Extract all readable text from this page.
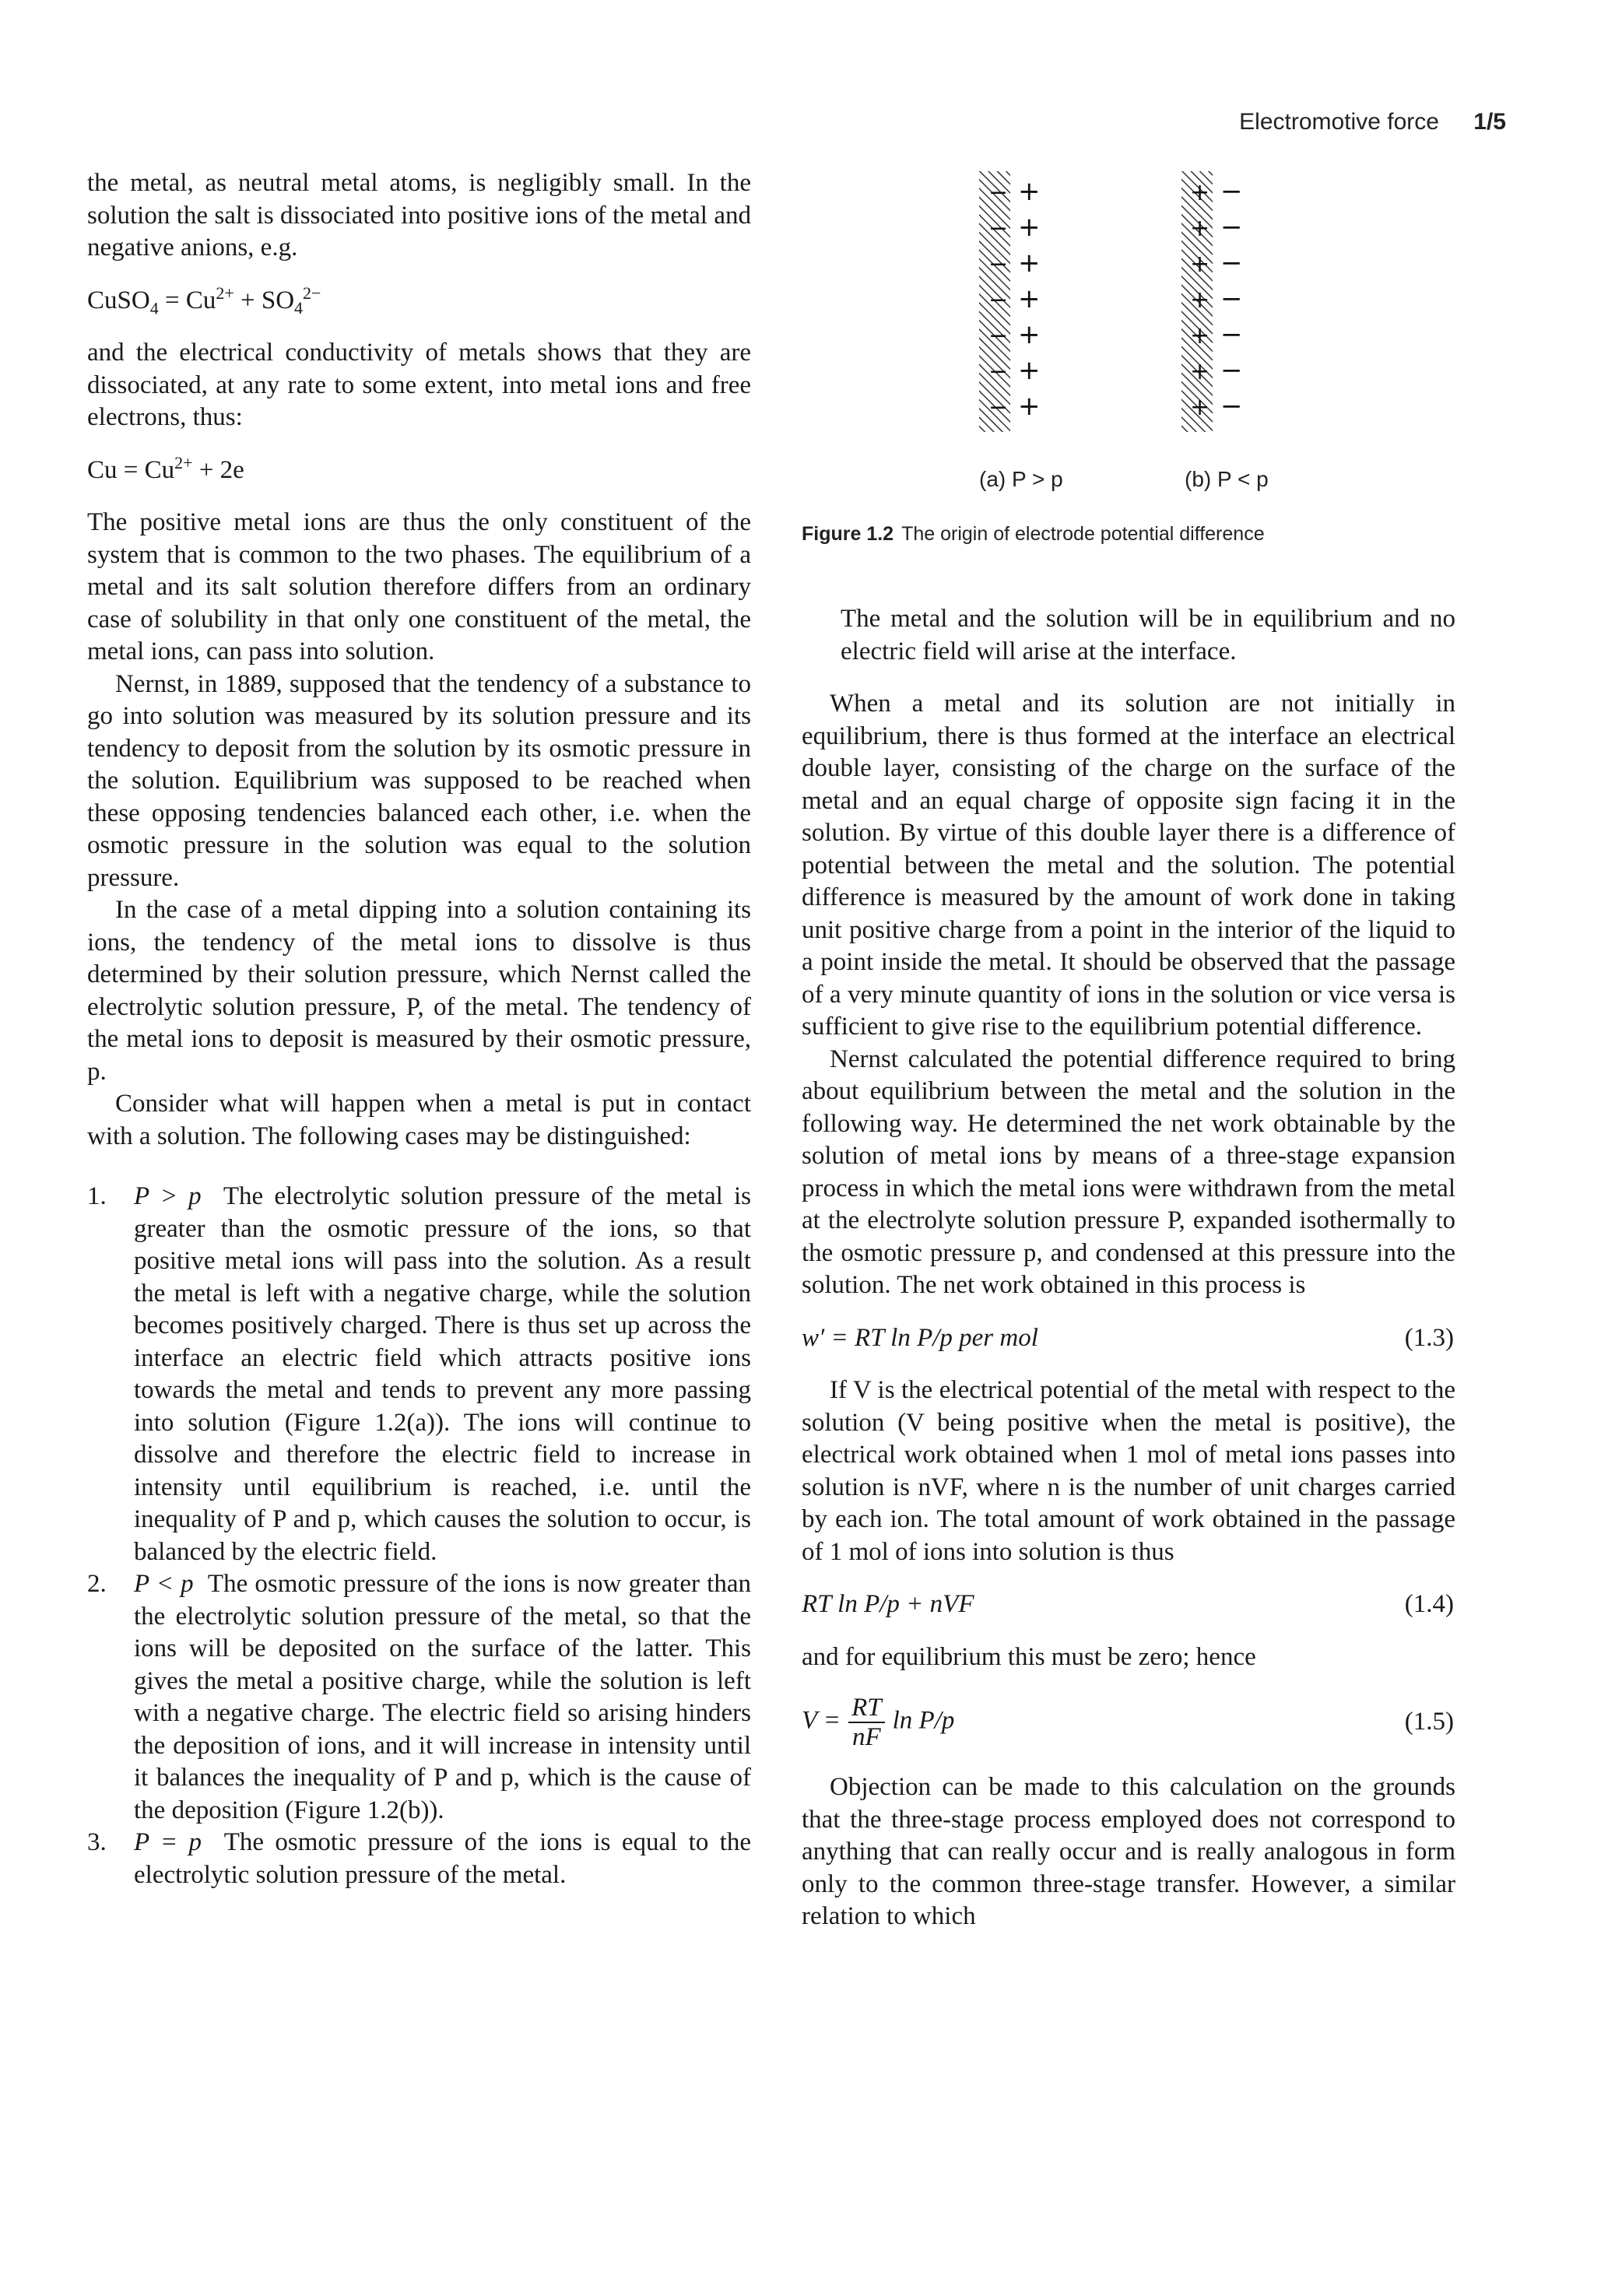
Electromotive force 1/5

the metal, as neutral metal atoms, is negligibly small. In the solution the salt is dissociated into positive ions of the metal and negative anions, e.g.

CuSO$_4$ = $Cu^{2+} + SO_4^{2-}$

and the electrical conductivity of metals shows that they are dissociated, at any rate to some extent, into metal ions and free electrons, thus:

$Cu = Cu^{2+} + 2e$

The positive metal ions are thus the only constituent of the system that is common to the two phases. The equilibrium of a metal and its salt solution therefore differs from an ordinary case of solubility in that only one constituent of the metal, the metal ions, can pass into solution.

Nernst, in 1889, supposed that the tendency of a substance to go into solution was measured by its solution pressure and its tendency to deposit from the solution by its osmotic pressure in the solution. Equilibrium was supposed to be reached when these opposing tendencies balanced each other, i.e. when the osmotic pressure in the solution was equal to the solution pressure.

In the case of a metal dipping into a solution containing its ions, the tendency of the metal ions to dissolve is thus determined by their solution pressure, which Nernst called the electrolytic solution pressure, P, of the metal. The tendency of the metal ions to deposit is measured by their osmotic pressure, p.

Consider what will happen when a metal is put in contact with a solution. The following cases may be distinguished:

1. P > p The electrolytic solution pressure of the metal is greater than the osmotic pressure of the ions, so that positive metal ions will pass into the solution. As a result the metal is left with a negative charge, while the solution becomes positively charged. There is thus set up across the interface an electric field which attracts positive ions towards the metal and tends to prevent any more passing into solution (Figure 1.2(a)). The ions will continue to dissolve and therefore the electric field to increase in intensity until equilibrium is reached, i.e. until the inequality of P and p, which causes the solution to occur, is balanced by the electric field.
2. P < p The osmotic pressure of the ions is now greater than the electrolytic solution pressure of the metal, so that the ions will be deposited on the surface of the latter. This gives the metal a positive charge, while the solution is left with a negative charge. The electric field so arising hinders the deposition of ions, and it will increase in intensity until it balances the inequality of P and p, which is the cause of the deposition (Figure 1.2(b)).
3. P = p The osmotic pressure of the ions is equal to the electrolytic solution pressure of the metal.
+
−
+
−
+
−
+
−
+
−
+
−
+
−
−
+
−
+
−
+
−
+
−
+
−
+
−
+
(a) P > p	(b) P < p
Figure 1.2 The origin of electrode potential difference

The metal and the solution will be in equilibrium and no electric field will arise at the interface.

When a metal and its solution are not initially in equilibrium, there is thus formed at the interface an electrical double layer, consisting of the charge on the surface of the metal and an equal charge of opposite sign facing it in the solution. By virtue of this double layer there is a difference of potential between the metal and the solution. The potential difference is measured by the amount of work done in taking unit positive charge from a point in the interior of the liquid to a point inside the metal. It should be observed that the passage of a very minute quantity of ions in the solution or vice versa is sufficient to give rise to the equilibrium potential difference.

Nernst calculated the potential difference required to bring about equilibrium between the metal and the solution in the following way. He determined the net work obtainable by the solution of metal ions by means of a three-stage expansion process in which the metal ions were withdrawn from the metal at the electrolyte solution pressure P, expanded isothermally to the osmotic pressure p, and condensed at this pressure into the solution. The net work obtained in this process is

w′ = RT ln P/p per mol	(1.3)

If V is the electrical potential of the metal with respect to the solution (V being positive when the metal is positive), the electrical work obtained when 1 mol of metal ions passes into solution is nVF, where n is the number of unit charges carried by each ion. The total amount of work obtained in the passage of 1 mol of ions into solution is thus

RT ln P/p + nVF	(1.4)

and for equilibrium this must be zero; hence

$V = \frac{RT}{nF}$ ln P/p	(1.5)

Objection can be made to this calculation on the grounds that the three-stage process employed does not correspond to anything that can really occur and is really analogous in form only to the common three-stage transfer. However, a similar relation to which
